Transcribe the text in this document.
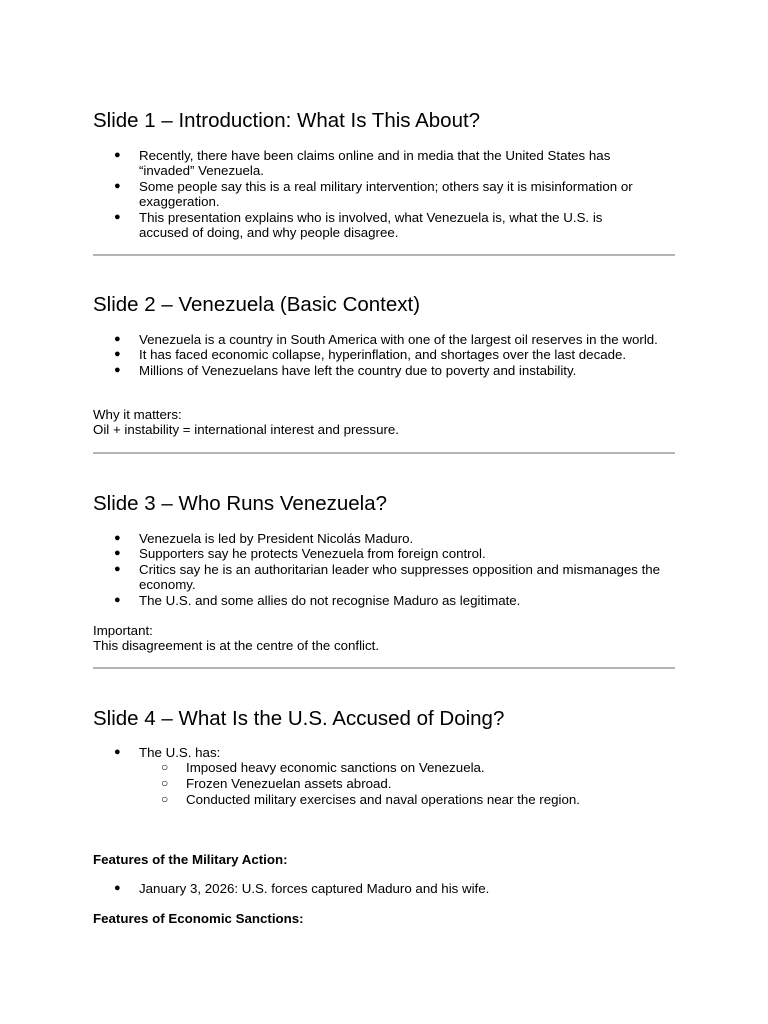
Slide 1 – Introduction: What Is This About?
● Recently, there have been claims online and in media that the United States has “invaded” Venezuela.
● Some people say this is a real military intervention; others say it is misinformation or exaggeration.
● This presentation explains who is involved, what Venezuela is, what the U.S. is accused of doing, and why people disagree.
Slide 2 – Venezuela (Basic Context)
● Venezuela is a country in South America with one of the largest oil reserves in the world.
● It has faced economic collapse, hyperinflation, and shortages over the last decade.
● Millions of Venezuelans have left the country due to poverty and instability.
Why it matters:
Oil + instability = international interest and pressure.
Slide 3 – Who Runs Venezuela?
● Venezuela is led by President Nicolás Maduro.
● Supporters say he protects Venezuela from foreign control.
● Critics say he is an authoritarian leader who suppresses opposition and mismanages the economy.
● The U.S. and some allies do not recognise Maduro as legitimate.
Important:
This disagreement is at the centre of the conflict.
Slide 4 – What Is the U.S. Accused of Doing?
● The U.S. has:
○ Imposed heavy economic sanctions on Venezuela.
○ Frozen Venezuelan assets abroad.
○ Conducted military exercises and naval operations near the region.
Features of the Military Action:
● January 3, 2026: U.S. forces captured Maduro and his wife.
Features of Economic Sanctions:
